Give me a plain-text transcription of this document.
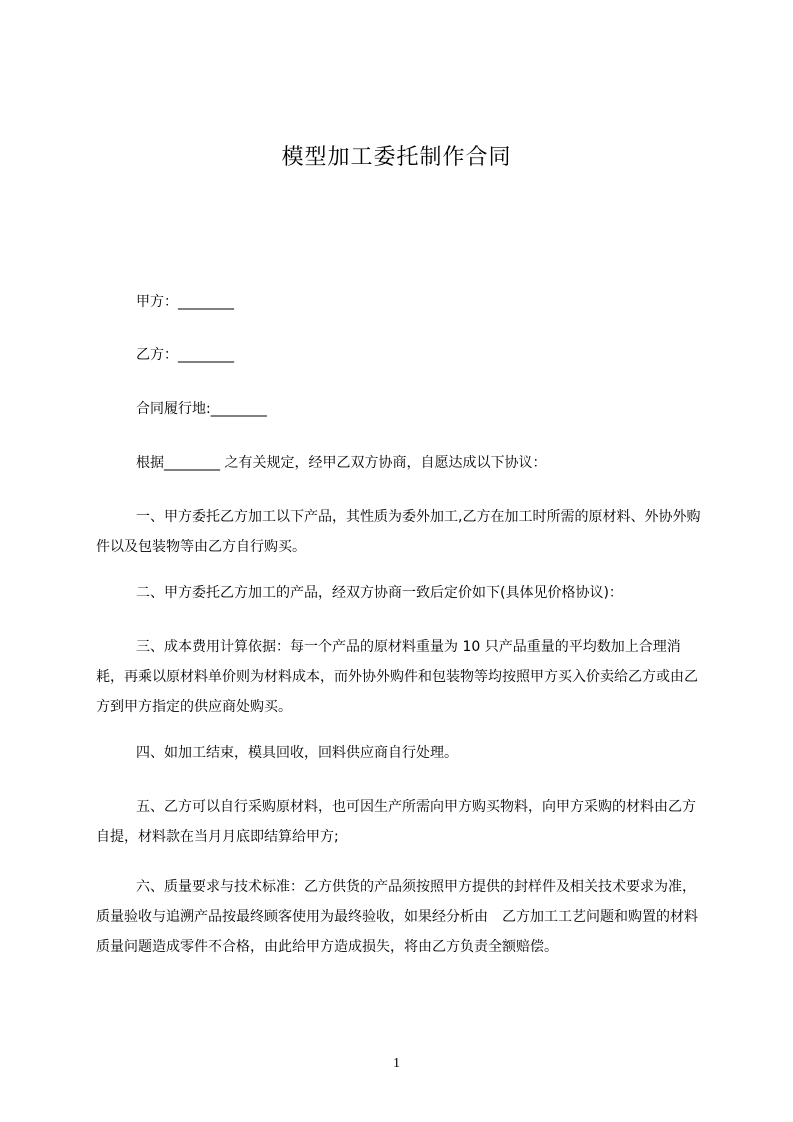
模型加工委托制作合同

甲方：________

乙方：________

合同履行地:________

根据________ 之有关规定，经甲乙双方协商，自愿达成以下协议：

一、甲方委托乙方加工以下产品，其性质为委外加工,乙方在加工时所需的原材料、外协外购件以及包装物等由乙方自行购买。

二、甲方委托乙方加工的产品，经双方协商一致后定价如下(具体见价格协议)：

三、成本费用计算依据：每一个产品的原材料重量为 10 只产品重量的平均数加上合理消耗，再乘以原材料单价则为材料成本，而外协外购件和包装物等均按照甲方买入价卖给乙方或由乙方到甲方指定的供应商处购买。

四、如加工结束，模具回收，回料供应商自行处理。

五、乙方可以自行采购原材料，也可因生产所需向甲方购买物料，向甲方采购的材料由乙方自提，材料款在当月月底即结算给甲方;

六、质量要求与技术标准：乙方供货的产品须按照甲方提供的封样件及相关技术要求为准，质量验收与追溯产品按最终顾客使用为最终验收，如果经分析由　乙方加工工艺问题和购置的材料质量问题造成零件不合格，由此给甲方造成损失，将由乙方负责全额赔偿。

1
